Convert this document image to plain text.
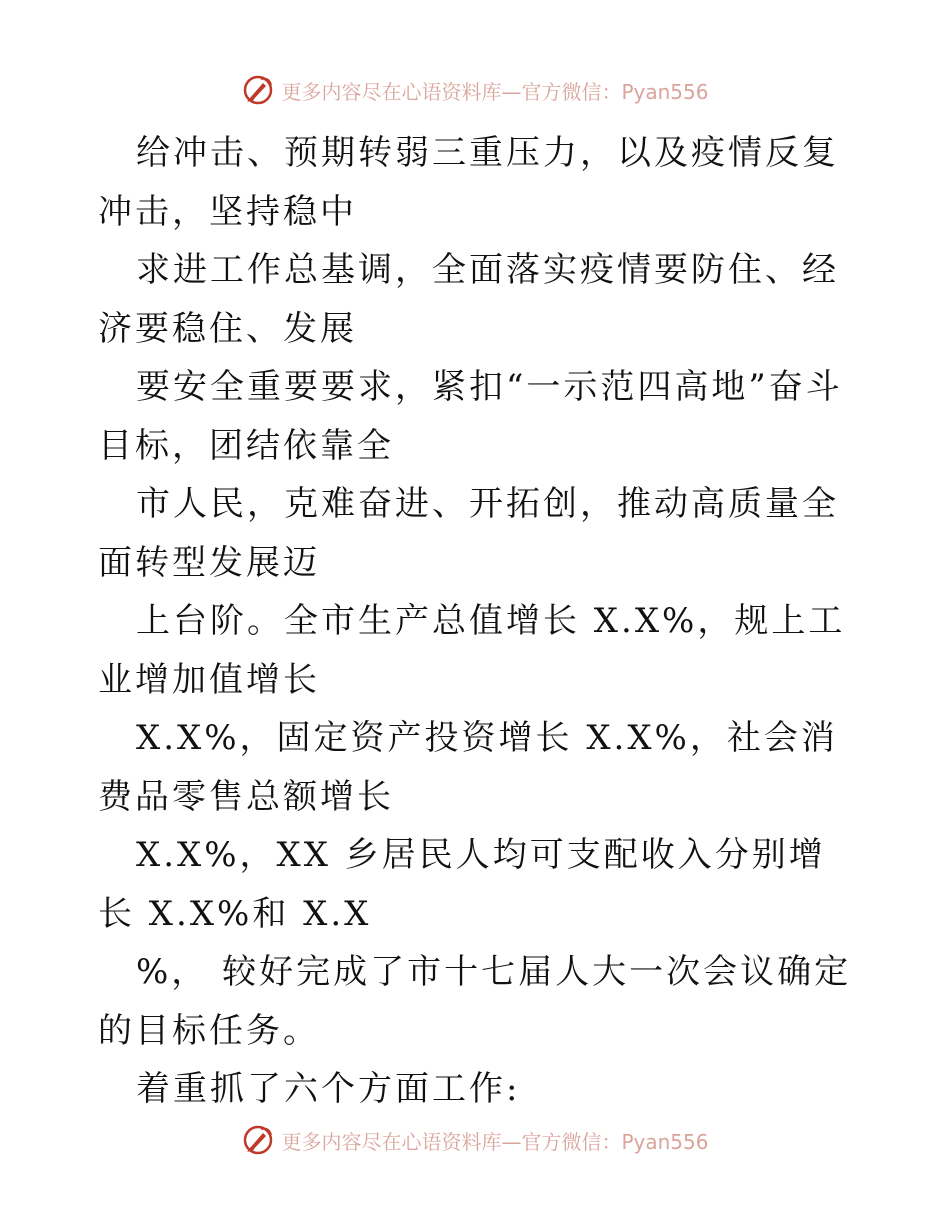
更多内容尽在心语资料库—官方微信：Pyan556

给冲击、预期转弱三重压力，以及疫情反复冲击，坚持稳中

求进工作总基调，全面落实疫情要防住、经济要稳住、发展

要安全重要要求，紧扣“一示范四高地”奋斗目标，团结依靠全

市人民，克难奋进、开拓创，推动高质量全面转型发展迈

上台阶。全市生产总值增长 X.X%，规上工业增加值增长

X.X%，固定资产投资增长 X.X%，社会消费品零售总额增长

X.X%，XX 乡居民人均可支配收入分别增长 X.X%和 X.X

%， 较好完成了市十七届人大一次会议确定的目标任务。

着重抓了六个方面工作:

更多内容尽在心语资料库—官方微信：Pyan556
